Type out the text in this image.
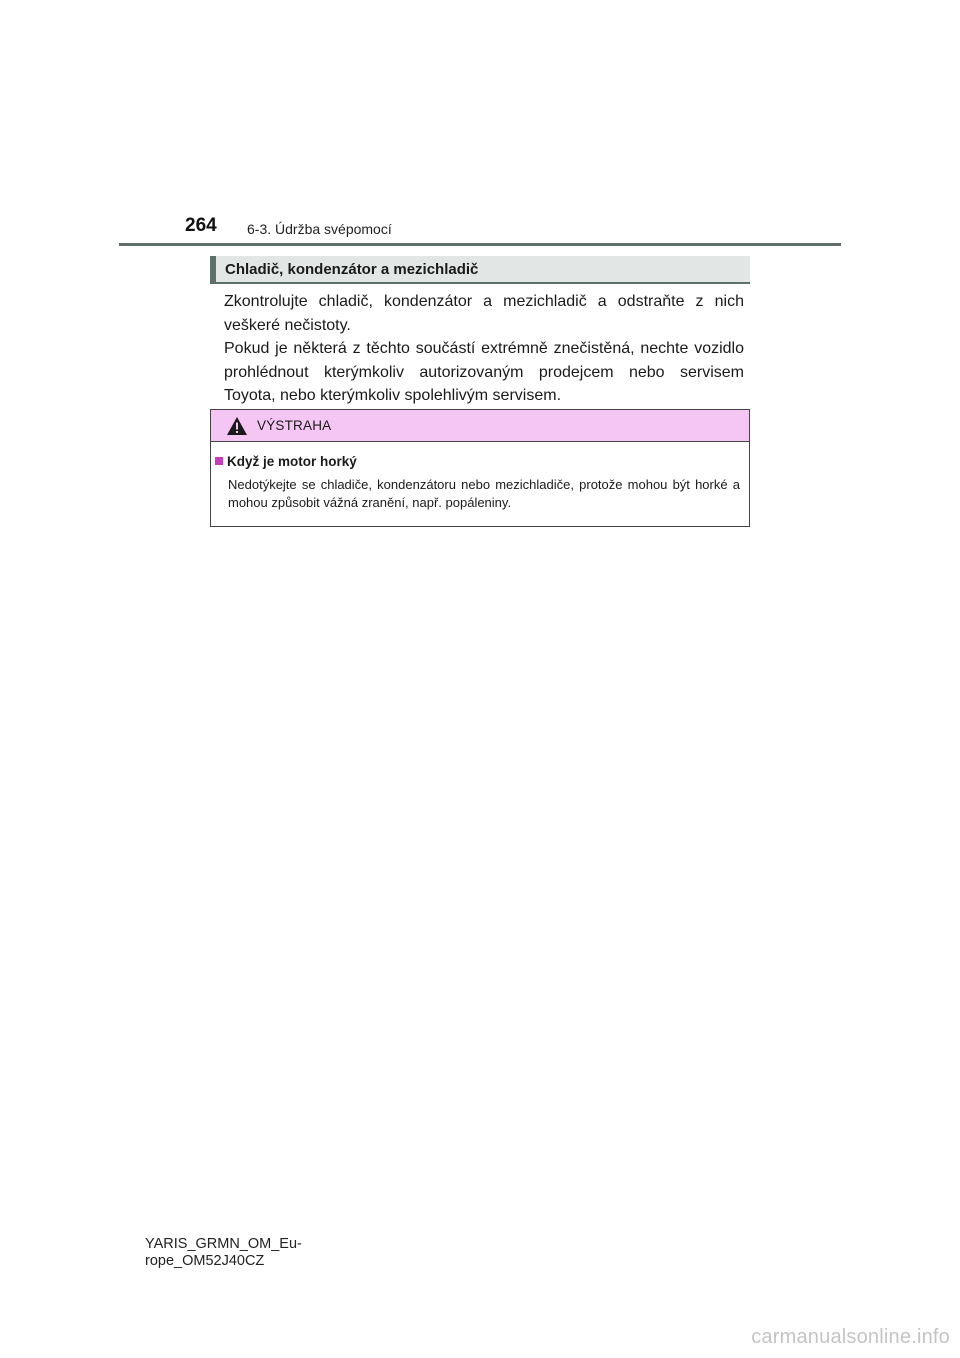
264 6-3. Údržba svépomocí
Chladič, kondenzátor a mezichladič

Zkontrolujte chladič, kondenzátor a mezichladič a odstraňte z nich veškeré nečistoty.

Pokud je některá z těchto součástí extrémně znečistěná, nechte vozidlo prohlédnout kterýmkoliv autorizovaným prodejcem nebo servisem Toyota, nebo kterýmkoliv spolehlivým servisem.

VÝSTRAHA
Když je motor horký
Nedotýkejte se chladiče, kondenzátoru nebo mezichladiče, protože mohou být horké a mohou způsobit vážná zranění, např. popáleniny.
YARIS_GRMN_OM_Eu-
rope_OM52J40CZ
carmanualsonline.info
